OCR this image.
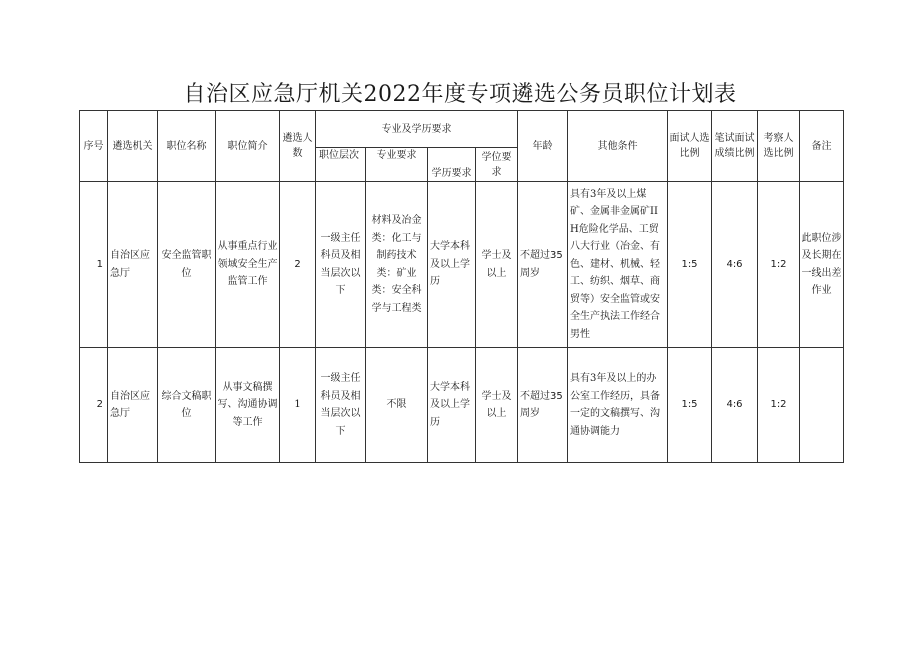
自治区应急厅机关2022年度专项遴选公务员职位计划表
序号	遴选机关	职位名称	职位简介	遴选人数	专业及学历要求				年龄	其他条件	面试人选比例	笔试面试成绩比例	考察人选比例	备注
					职位层次	专业要求		学位要求						
							学历要求							
1	自治区应急厅	安全监管职位	从事重点行业领域安全生产监管工作	2	一级主任科员及相当层次以下	材料及冶金类：化工与制药技术类：矿业类：安全科学与工程类	大学本科及以上学历	学士及以上	不超过35周岁	具有3年及以上煤矿、金属非金属矿IIH危险化学品、工贸八大行业（冶金、有色、建材、机械、轻工、纺织、烟草、商贸等）安全监管或安全生产执法工作经合男性	1:5	4:6	1:2	此职位涉及长期在一线出差作业
2	自治区应急厅	综合文稿职位	从事文稿撰写、沟通协调等工作	1	一级主任科员及相当层次以下	不限	大学本科及以上学历	学士及以上	不超过35周岁	具有3年及以上的办公室工作经历，具备一定的文稿撰写、沟通协调能力	1:5	4:6	1:2	
